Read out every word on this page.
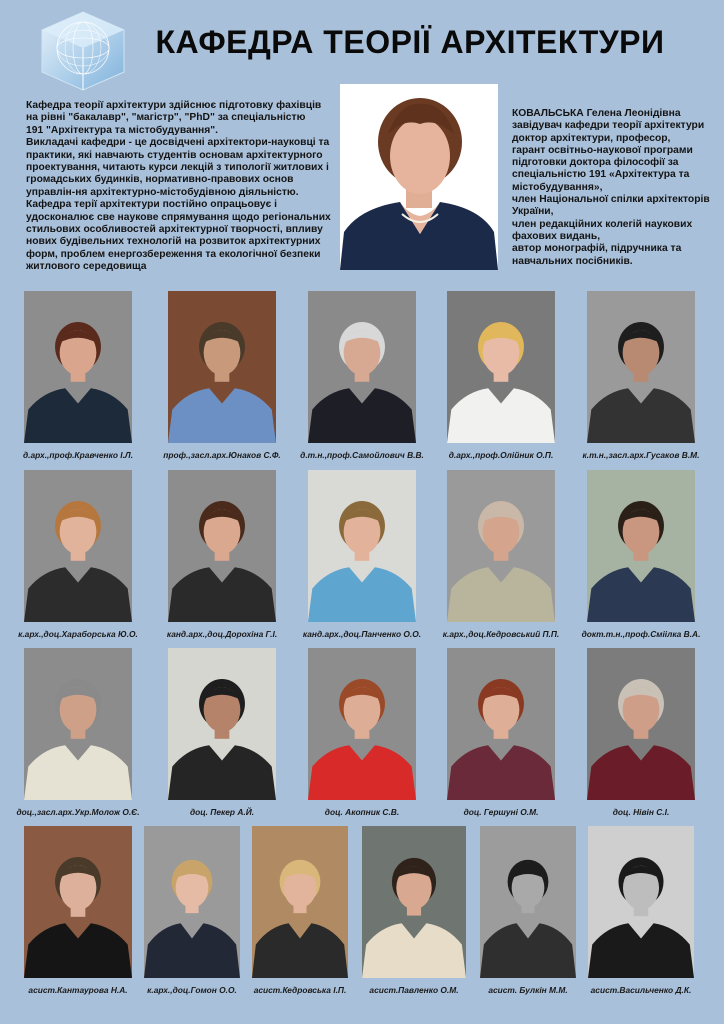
КАФЕДРА ТЕОРІЇ АРХІТЕКТУРИ

Кафедра теорії архітектури здійснює підготовку фахівців на рівні "бакалавр", "магістр", "PhD" за спеціальністю

191 "Архітектура та містобудування".

Викладачі кафедри - це досвідчені архітектори-науковці та практики, які навчають студентів основам архітектурного проектування, читають курси лекцій з типології житлових і громадських будинків, нормативно-правових основ управлін-ня архітектурно-містобудівною діяльністю. Кафедра терії архітектури постійно опрацьовує і удосконалює све наукове спрямування щодо регіональних стильових особливостей архітектурної творчості, впливу нових будівельних технологій на розвиток архітектурних форм, проблем енергозбереження та екологічної безпеки житлового середовища

КОВАЛЬСЬКА Гелена Леонідівна

завідувач кафедри теорії архітектури

доктор архітектури, професор,

гарант освітньо-наукової програми

підготовки доктора філософії за

спеціальністю 191 «Архітектура та

містобудування»,

член Національної спілки архітекторів

України,

член редакційних колегій наукових

фахових видань,

автор монографій, підручника та

навчальних посібників.

д.арх.,проф.Кравченко І.Л.	проф.,засл.арх.Юнаков С.Ф.	д.т.н.,проф.Самойлович В.В.	д.арх.,проф.Олійник О.П.	к.т.н.,засл.арх.Гусаков В.М.
к.арх.,доц.Хараборська Ю.О.	канд.арх.,доц.Дорохіна Г.І.	канд.арх.,доц.Панченко О.О.	к.арх.,доц.Кедровський П.П.	докт.т.н.,проф.Сміілка В.А.
доц.,засл.арх.Укр.Молож О.Є.	доц. Пекер А.Й.	доц. Акопник С.В.	доц. Гершуні О.М.	доц. Нівін С.І.
асист.Кантаурова Н.А.	к.арх.,доц.Гомон О.О.	асист.Кедровська І.П.	асист.Павленко О.М.	асист. Булкін М.М.	асист.Васильченко Д.К.
